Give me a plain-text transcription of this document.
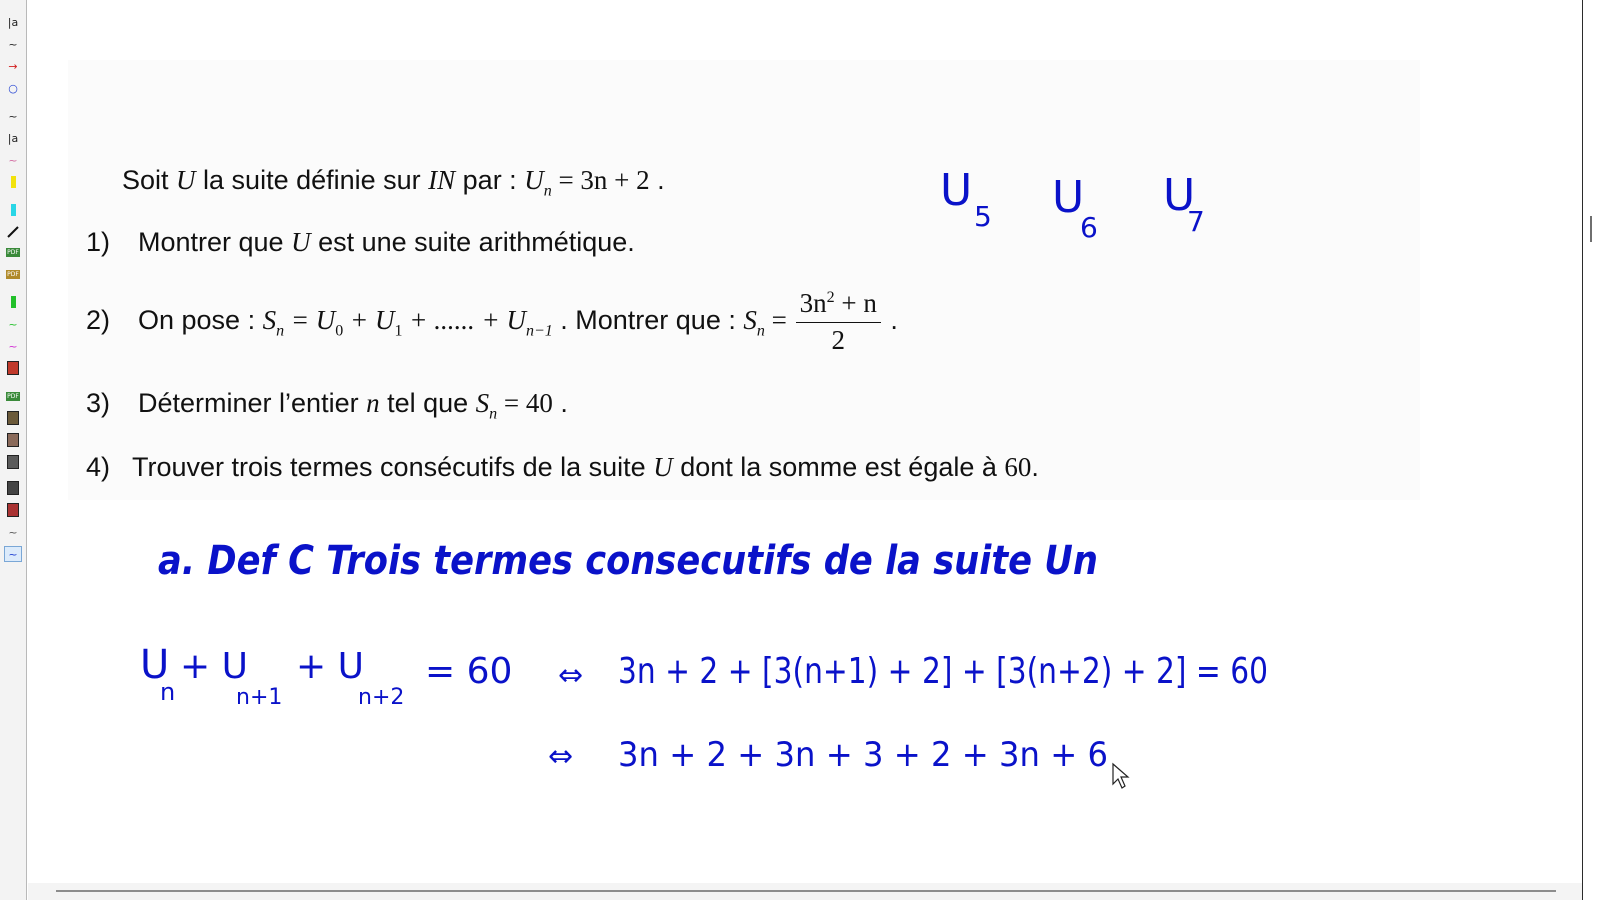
|a
~
→
○
~
|a
~
PDF
PDF
~
~
PDF
~
~
Soit U la suite définie sur IN par : $U_n = 3n + 2$ .
1) Montrer que U est une suite arithmétique.
2) On pose : $S_n = U_0 + U_1$ + ...... + $U_{n-1}$ . Montrer que : $S_n = \frac{3n^2 + n}{2}$ .
3) Déterminer l’entier n tel que $S_n = 40$ .
4) Trouver trois termes consécutifs de la suite U dont la somme est égale à 60.
U
5 U
6
U
7
a. Def C Trois termes consecutifs de la suite Un
U
n
+ U
n+1
+ U
n+2
= 60 ⇔ 3n + 2 + [3(n+1) + 2] + [3(n+2) + 2] = 60
⇔ 3n + 2 + 3n + 3 + 2 + 3n + 6
